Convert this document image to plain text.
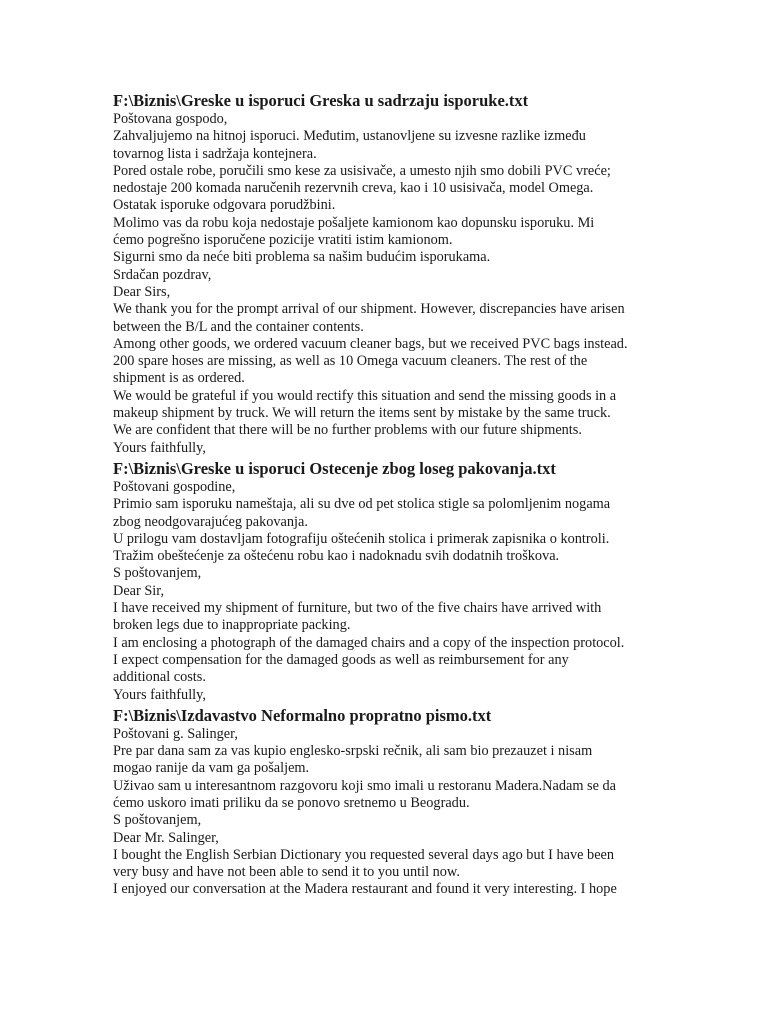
F:\Biznis\Greske u isporuci Greska u sadrzaju isporuke.txt
Poštovana gospodo,
Zahvaljujemo na hitnoj isporuci. Međutim, ustanovljene su izvesne razlike između
tovarnog lista i sadržaja kontejnera.
Pored ostale robe, poručili smo kese za usisivače, a umesto njih smo dobili PVC vreće;
nedostaje 200 komada naručenih rezervnih creva, kao i 10 usisivača, model Omega.
Ostatak isporuke odgovara porudžbini.
Molimo vas da robu koja nedostaje pošaljete kamionom kao dopunsku isporuku. Mi
ćemo pogrešno isporučene pozicije vratiti istim kamionom.
Sigurni smo da neće biti problema sa našim budućim isporukama.
Srdačan pozdrav,
Dear Sirs,
We thank you for the prompt arrival of our shipment. However, discrepancies have arisen
between the B/L and the container contents.
Among other goods, we ordered vacuum cleaner bags, but we received PVC bags instead.
200 spare hoses are missing, as well as 10 Omega vacuum cleaners. The rest of the
shipment is as ordered.
We would be grateful if you would rectify this situation and send the missing goods in a
makeup shipment by truck. We will return the items sent by mistake by the same truck.
We are confident that there will be no further problems with our future shipments.
Yours faithfully,
F:\Biznis\Greske u isporuci Ostecenje zbog loseg pakovanja.txt
Poštovani gospodine,
Primio sam isporuku nameštaja, ali su dve od pet stolica stigle sa polomljenim nogama
zbog neodgovarajućeg pakovanja.
U prilogu vam dostavljam fotografiju oštećenih stolica i primerak zapisnika o kontroli.
Tražim obeštećenje za oštećenu robu kao i nadoknadu svih dodatnih troškova.
S poštovanjem,
Dear Sir,
I have received my shipment of furniture, but two of the five chairs have arrived with
broken legs due to inappropriate packing.
I am enclosing a photograph of the damaged chairs and a copy of the inspection protocol.
I expect compensation for the damaged goods as well as reimbursement for any
additional costs.
Yours faithfully,
F:\Biznis\Izdavastvo Neformalno propratno pismo.txt
Poštovani g. Salinger,
Pre par dana sam za vas kupio englesko-srpski rečnik, ali sam bio prezauzet i nisam
mogao ranije da vam ga pošaljem.
Uživao sam u interesantnom razgovoru koji smo imali u restoranu Madera.Nadam se da
ćemo uskoro imati priliku da se ponovo sretnemo u Beogradu.
S poštovanjem,
Dear Mr. Salinger,
I bought the English Serbian Dictionary you requested several days ago but I have been
very busy and have not been able to send it to you until now.
I enjoyed our conversation at the Madera restaurant and found it very interesting. I hope
